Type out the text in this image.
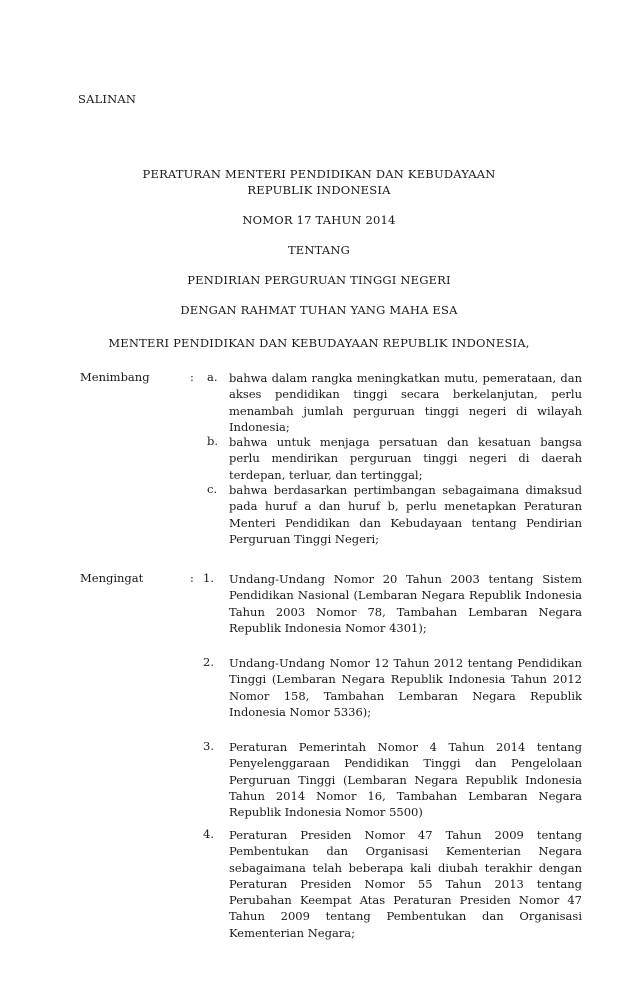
SALINAN
PERATURAN MENTERI PENDIDIKAN DAN KEBUDAYAAN
REPUBLIK INDONESIA
NOMOR 17 TAHUN 2014
TENTANG
PENDIRIAN PERGURUAN TINGGI NEGERI
DENGAN RAHMAT TUHAN YANG MAHA ESA
MENTERI PENDIDIKAN DAN KEBUDAYAAN REPUBLIK INDONESIA,
Menimbang	: a. bahwa dalam rangka meningkatkan mutu, pemerataan, dan akses pendidikan tinggi secara berkelanjutan, perlu menambah jumlah perguruan tinggi negeri di wilayah Indonesia;

b. bahwa untuk menjaga persatuan dan kesatuan bangsa perlu mendirikan perguruan tinggi negeri di daerah terdepan, terluar, dan tertinggal;

c. bahwa berdasarkan pertimbangan sebagaimana dimaksud pada huruf a dan huruf b, perlu menetapkan Peraturan Menteri Pendidikan dan Kebudayaan tentang Pendirian Perguruan Tinggi Negeri;

Mengingat	: 1. Undang-Undang Nomor 20 Tahun 2003 tentang Sistem Pendidikan Nasional (Lembaran Negara Republik Indonesia Tahun 2003 Nomor 78, Tambahan Lembaran Negara Republik Indonesia Nomor 4301);

2. Undang-Undang Nomor 12 Tahun 2012 tentang Pendidikan Tinggi (Lembaran Negara Republik Indonesia Tahun 2012 Nomor 158, Tambahan Lembaran Negara Republik Indonesia Nomor 5336);

3. Peraturan Pemerintah Nomor 4 Tahun 2014 tentang Penyelenggaraan Pendidikan Tinggi dan Pengelolaan Perguruan Tinggi (Lembaran Negara Republik Indonesia Tahun 2014 Nomor 16, Tambahan Lembaran Negara Republik Indonesia Nomor 5500)

4. Peraturan Presiden Nomor 47 Tahun 2009 tentang Pembentukan dan Organisasi Kementerian Negara sebagaimana telah beberapa kali diubah terakhir dengan Peraturan Presiden Nomor 55 Tahun 2013 tentang Perubahan Keempat Atas Peraturan Presiden Nomor 47 Tahun 2009 tentang Pembentukan dan Organisasi Kementerian Negara;
